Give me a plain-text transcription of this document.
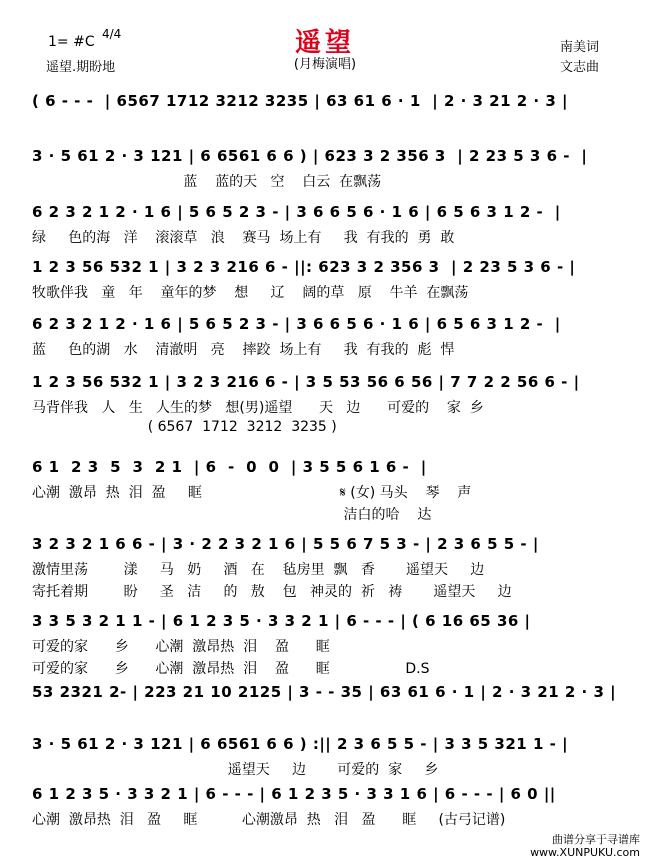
1= #C 4/4	遥望
(月梅演唱)
遥望.期盼地
南美词
文志曲
( 6 - - -  | 6567 1712 3212 3235 | 63 61 6 · 1  | 2 · 3 21 2 · 3 |
3 · 5 61 2 · 3 121 | 6 6561 6 6 ) | 623 3 2 356 3  | 2 23 5 3 6 -  |
蓝    蓝的天   空    白云  在飘荡
6 2 3 2 1 2 · 1 6 | 5 6 5 2 3 - | 3 6 6 5 6 · 1 6 | 6 5 6 3 1 2 -  |
绿     色的海   洋    滚滚草   浪    赛马  场上有     我  有我的  勇  敢
1 2 3 56 532 1 | 3 2 3 216 6 - ||: 623 3 2 356 3  | 2 23 5 3 6 - |
牧歌伴我   童   年    童年的梦    想     辽    阔的草   原    牛羊  在飘荡
6 2 3 2 1 2 · 1 6 | 5 6 5 2 3 - | 3 6 6 5 6 · 1 6 | 6 5 6 3 1 2 -  |
蓝     色的湖   水    清澈明   亮    摔跤  场上有     我  有我的  彪  悍
1 2 3 56 532 1 | 3 2 3 216 6 - | 3 5 53 56 6 56 | 7 7 2 2 56 6 - |
马背伴我   人   生   人生的梦   想(男)遥望      天   边      可爱的    家  乡
( 6567  1712  3212  3235 )
6 1  2 3  5  3  2 1  | 6  -  0  0  | 3 5 5 6 1 6 -  |
心潮  激昂  热  泪  盈     眶                               𝄋 (女) 马头    琴    声
洁白的哈    达
3 2 3 2 1 6 6 - | 3 · 2 2 3 2 1 6 | 5 5 6 7 5 3 - | 2 3 6 5 5 - |
激情里荡        漾     马   奶     酒   在    毡房里  飘   香       遥望天     边
寄托着期        盼     圣   洁     的   敖    包   神灵的  祈   祷       遥望天     边
3 3 5 3 2 1 1 - | 6 1 2 3 5 · 3 3 2 1 | 6 - - - | ( 6 16 65 36 |
可爱的家      乡      心潮  激昂热  泪    盈      眶
可爱的家      乡      心潮  激昂热  泪    盈      眶                 D.S
53 2321 2- | 223 21 10 2125 | 3 - - 35 | 63 61 6 · 1 | 2 · 3 21 2 · 3 |
3 · 5 61 2 · 3 121 | 6 6561 6 6 ) :|| 2 3 6 5 5 - | 3 3 5 321 1 - |
遥望天     边       可爱的  家     乡
6 1 2 3 5 · 3 3 2 1 | 6 - - - | 6 1 2 3 5 · 3 3 1 6 | 6 - - - | 6 0 ||
心潮  激昂热  泪   盈     眶          心潮激昂  热   泪   盈      眶     (古弓记谱)
曲谱分享于寻谱库
www.XUNPUKU.com
